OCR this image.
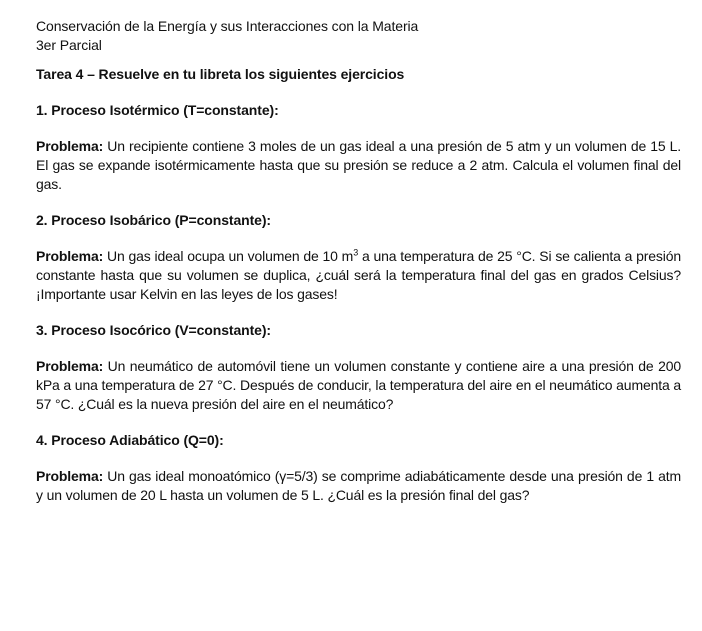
Conservación de la Energía y sus Interacciones con la Materia

3er Parcial

Tarea 4 – Resuelve en tu libreta los siguientes ejercicios

1. Proceso Isotérmico (T=constante):

Problema: Un recipiente contiene 3 moles de un gas ideal a una presión de 5 atm y un volumen de 15 L. El gas se expande isotérmicamente hasta que su presión se reduce a 2 atm. Calcula el volumen final del gas.

2. Proceso Isobárico (P=constante):

Problema: Un gas ideal ocupa un volumen de 10 $m^3$ a una temperatura de 25 °C. Si se calienta a presión constante hasta que su volumen se duplica, ¿cuál será la temperatura final del gas en grados Celsius? ¡Importante usar Kelvin en las leyes de los gases!

3. Proceso Isocórico (V=constante):

Problema: Un neumático de automóvil tiene un volumen constante y contiene aire a una presión de 200 kPa a una temperatura de 27 °C. Después de conducir, la temperatura del aire en el neumático aumenta a 57 °C. ¿Cuál es la nueva presión del aire en el neumático?

4. Proceso Adiabático (Q=0):

Problema: Un gas ideal monoatómico (γ=5/3) se comprime adiabáticamente desde una presión de 1 atm y un volumen de 20 L hasta un volumen de 5 L. ¿Cuál es la presión final del gas?
